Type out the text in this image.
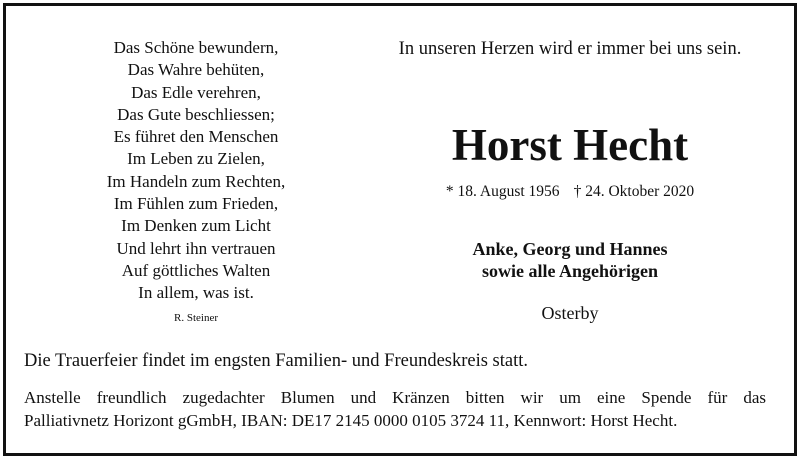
Das Schöne bewundern,
Das Wahre behüten,
Das Edle verehren,
Das Gute beschliessen;
Es führet den Menschen
Im Leben zu Zielen,
Im Handeln zum Rechten,
Im Fühlen zum Frieden,
Im Denken zum Licht
Und lehrt ihn vertrauen
Auf göttliches Walten
In allem, was ist.
R. Steiner
In unseren Herzen wird er immer bei uns sein.
Horst Hecht
* 18. August 1956 † 24. Oktober 2020
Anke, Georg und Hannes
sowie alle Angehörigen
Osterby
Die Trauerfeier findet im engsten Familien- und Freundeskreis statt.
Anstelle freundlich zugedachter Blumen und Kränzen bitten wir um eine Spende für das
Palliativnetz Horizont gGmbH, IBAN: DE17 2145 0000 0105 3724 11, Kennwort: Horst Hecht.
